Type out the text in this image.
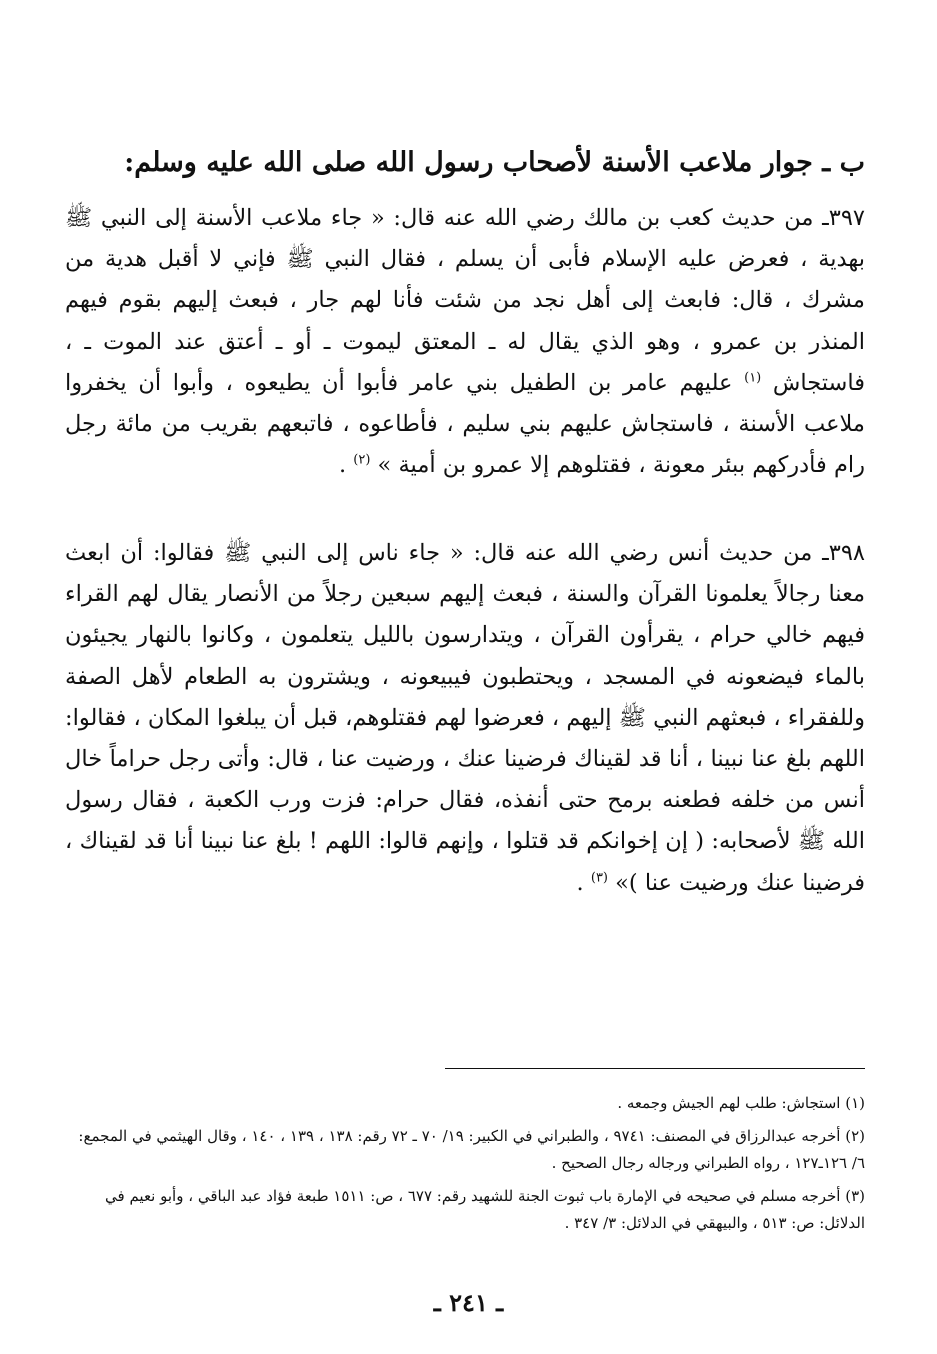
ب ـ جوار ملاعب الأسنة لأصحاب رسول الله صلى الله عليه وسلم:

٣٩٧ـ من حديث كعب بن مالك رضي الله عنه قال: « جاء ملاعب الأسنة إلى النبي ﷺ بهدية ، فعرض عليه الإسلام فأبى أن يسلم ، فقال النبي ﷺ فإني لا أقبل هدية من مشرك ، قال: فابعث إلى أهل نجد من شئت فأنا لهم جار ، فبعث إليهم بقوم فيهم المنذر بن عمرو ، وهو الذي يقال له ـ المعتق ليموت ـ أو ـ أعتق عند الموت ـ ، فاستجاش $^{(١)}$ عليهم عامر بن الطفيل بني عامر فأبوا أن يطيعوه ، وأبوا أن يخفروا ملاعب الأسنة ، فاستجاش عليهم بني سليم ، فأطاعوه ، فاتبعهم بقريب من مائة رجل رام فأدركهم ببئر معونة ، فقتلوهم إلا عمرو بن أمية » $^{(٢)}$ .

٣٩٨ـ من حديث أنس رضي الله عنه قال: « جاء ناس إلى النبي ﷺ فقالوا: أن ابعث معنا رجالاً يعلمونا القرآن والسنة ، فبعث إليهم سبعين رجلاً من الأنصار يقال لهم القراء فيهم خالي حرام ، يقرأون القرآن ، ويتدارسون بالليل يتعلمون ، وكانوا بالنهار يجيئون بالماء فيضعونه في المسجد ، ويحتطبون فيبيعونه ، ويشترون به الطعام لأهل الصفة وللفقراء ، فبعثهم النبي ﷺ إليهم ، فعرضوا لهم فقتلوهم، قبل أن يبلغوا المكان ، فقالوا: اللهم بلغ عنا نبينا ، أنا قد لقيناك فرضينا عنك ، ورضيت عنا ، قال: وأتى رجل حراماً خال أنس من خلفه فطعنه برمح حتى أنفذه، فقال حرام: فزت ورب الكعبة ، فقال رسول الله ﷺ لأصحابه: ( إن إخوانكم قد قتلوا ، وإنهم قالوا: اللهم ! بلغ عنا نبينا أنا قد لقيناك ، فرضينا عنك ورضيت عنا )» $^{(٣)}$ .

(١) استجاش: طلب لهم الجيش وجمعه .

(٢) أخرجه عبدالرزاق في المصنف: ٩٧٤١ ، والطبراني في الكبير: ١٩/ ٧٠ ـ ٧٢ رقم: ١٣٨ ، ١٣٩ ، ١٤٠ ، وقال الهيثمي في المجمع: ٦/ ١٢٦ـ١٢٧ ، رواه الطبراني ورجاله رجال الصحيح .

(٣) أخرجه مسلم في صحيحه في الإمارة باب ثبوت الجنة للشهيد رقم: ٦٧٧ ، ص: ١٥١١ طبعة فؤاد عبد الباقي ، وأبو نعيم في الدلائل: ص: ٥١٣ ، والبيهقي في الدلائل: ٣/ ٣٤٧ .

ـ ٢٤١ ـ
